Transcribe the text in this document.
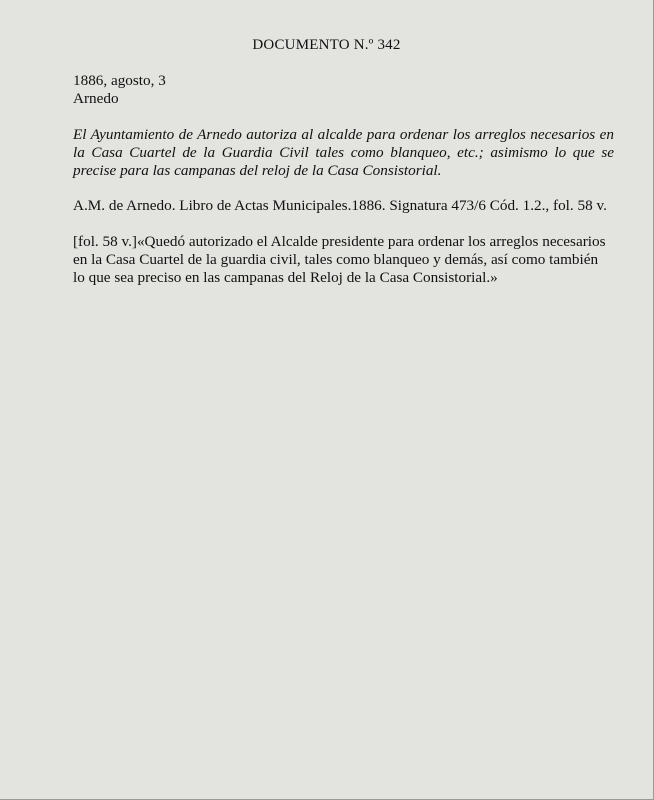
DOCUMENTO N.º 342
1886, agosto, 3
Arnedo
El Ayuntamiento de Arnedo autoriza al alcalde para ordenar los arreglos necesarios en
la Casa Cuartel de la Guardia Civil tales como blanqueo, etc.; asimismo lo que se
precise para las campanas del reloj de la Casa Consistorial.
A.M. de Arnedo. Libro de Actas Municipales.1886. Signatura 473/6 Cód. 1.2., fol. 58 v.
[fol. 58 v.]«Quedó autorizado el Alcalde presidente para ordenar los arreglos necesarios
en la Casa Cuartel de la guardia civil, tales como blanqueo y demás, así como también
lo que sea preciso en las campanas del Reloj de la Casa Consistorial.»
